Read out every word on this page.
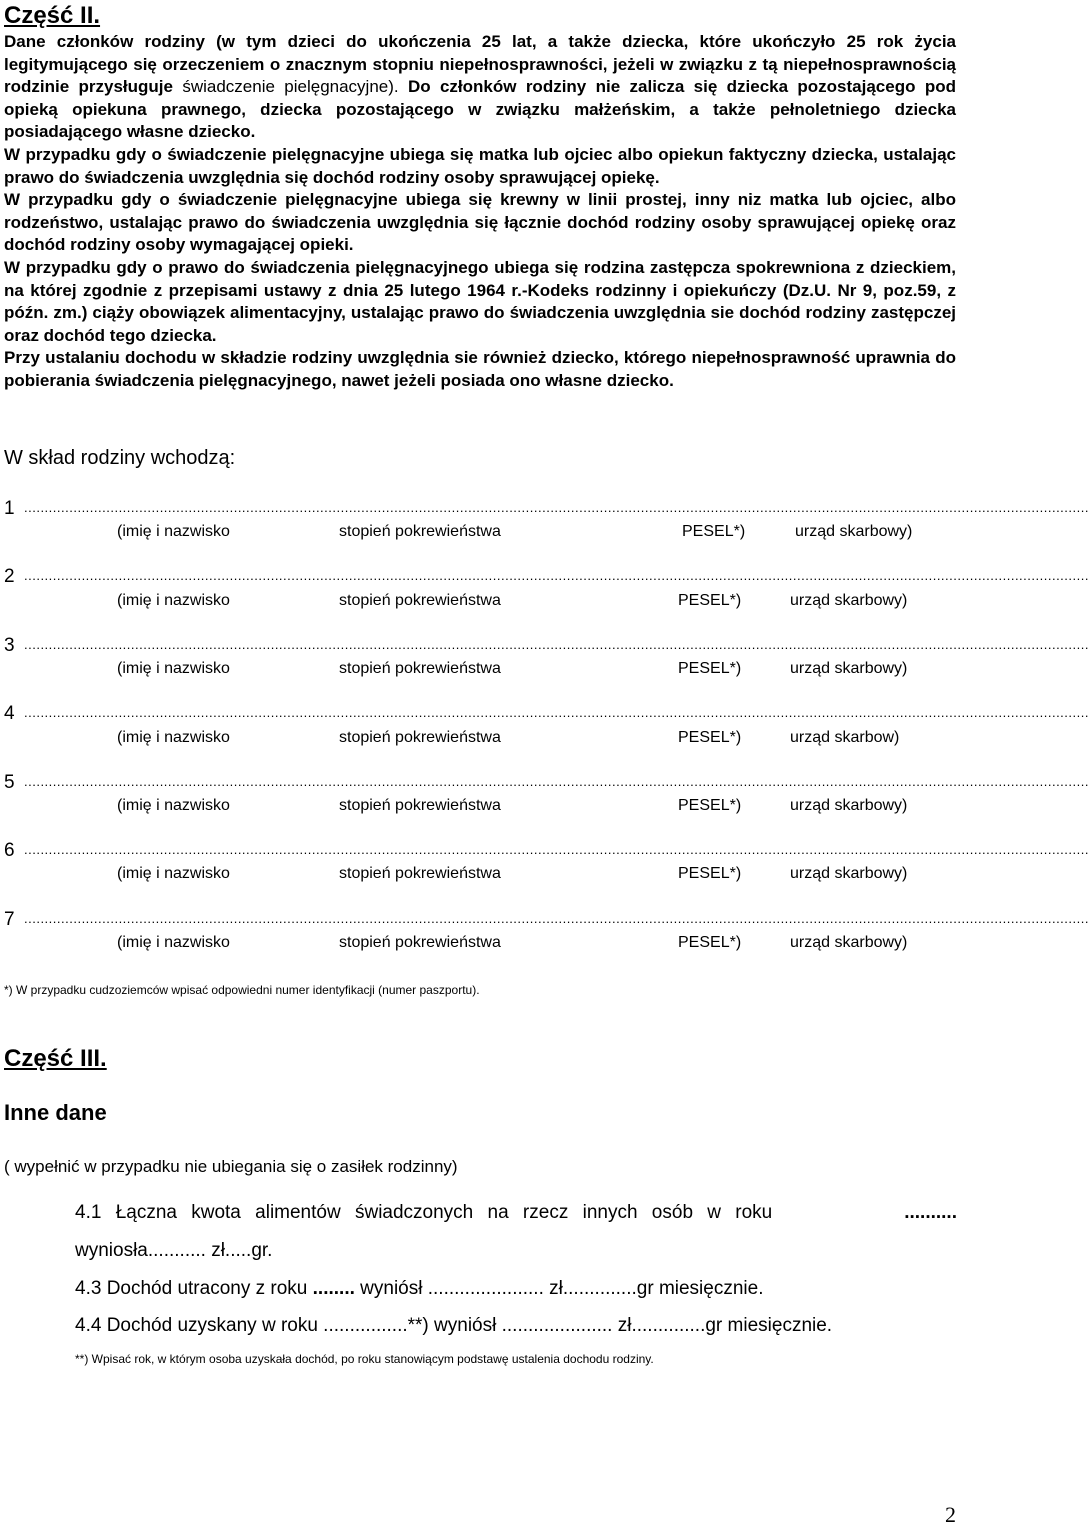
Część II.

Dane członków rodziny (w tym dzieci do ukończenia 25 lat, a także dziecka, które ukończyło 25 rok życia legitymującego się orzeczeniem o znacznym stopniu niepełnosprawności, jeżeli w związku z tą niepełnosprawnością rodzinie przysługuje świadczenie pielęgnacyjne). Do członków rodziny nie zalicza się dziecka pozostającego pod opieką opiekuna prawnego, dziecka pozostającego w związku małżeńskim, a także pełnoletniego dziecka posiadającego własne dziecko.

W przypadku gdy o świadczenie pielęgnacyjne ubiega się matka lub ojciec albo opiekun faktyczny dziecka, ustalając prawo do świadczenia uwzględnia się dochód rodziny osoby sprawującej opiekę.

W przypadku gdy o świadczenie pielęgnacyjne ubiega się krewny w linii prostej, inny niz matka lub ojciec, albo rodzeństwo, ustalając prawo do świadczenia uwzględnia się łącznie dochód rodziny osoby sprawującej opiekę oraz dochód rodziny osoby wymagającej opieki.

W przypadku gdy o prawo do świadczenia pielęgnacyjnego ubiega się rodzina zastępcza spokrewniona z dzieckiem, na której zgodnie z przepisami ustawy z dnia 25 lutego 1964 r.-Kodeks rodzinny i opiekuńczy (Dz.U. Nr 9, poz.59, z późn. zm.) ciąży obowiązek alimentacyjny, ustalając prawo do świadczenia uwzględnia sie dochód rodziny zastępczej oraz dochód tego dziecka.

Przy ustalaniu dochodu w składzie rodziny uwzględnia sie również dziecko, którego niepełnosprawność uprawnia do pobierania świadczenia pielęgnacyjnego, nawet jeżeli posiada ono własne dziecko.

W skład rodziny wchodzą:
1 ...................................................................................................................................................................................................................................................................
(imię i nazwisko	stopień pokrewieństwa	PESEL*)	urząd skarbowy)
2 ...................................................................................................................................................................................................................................................................
(imię i nazwisko	stopień pokrewieństwa	PESEL*)	urząd skarbowy)
3 ...................................................................................................................................................................................................................................................................
(imię i nazwisko	stopień pokrewieństwa	PESEL*)	urząd skarbowy)
4 ...................................................................................................................................................................................................................................................................
(imię i nazwisko	stopień pokrewieństwa	PESEL*)	urząd skarbow)
5 ...................................................................................................................................................................................................................................................................
(imię i nazwisko	stopień pokrewieństwa	PESEL*)	urząd skarbowy)
6 ...................................................................................................................................................................................................................................................................
(imię i nazwisko	stopień pokrewieństwa	PESEL*)	urząd skarbowy)
7 ...................................................................................................................................................................................................................................................................
(imię i nazwisko	stopień pokrewieństwa	PESEL*)	urząd skarbowy)
*) W przypadku cudzoziemców wpisać odpowiedni numer identyfikacji (numer paszportu).
Część III.
Inne dane
( wypełnić w przypadku nie ubiegania się o zasiłek rodzinny)
4.1 Łączna kwota alimentów świadczonych na rzecz innych osób w roku	..........
wyniosła........... zł.....gr.
4.3 Dochód utracony z roku ........ wyniósł ...................... zł..............gr miesięcznie.
4.4 Dochód uzyskany w roku ................**) wyniósł ..................... zł..............gr miesięcznie.
**) Wpisać rok, w którym osoba uzyskała dochód, po roku stanowiącym podstawę ustalenia dochodu rodziny.
2
